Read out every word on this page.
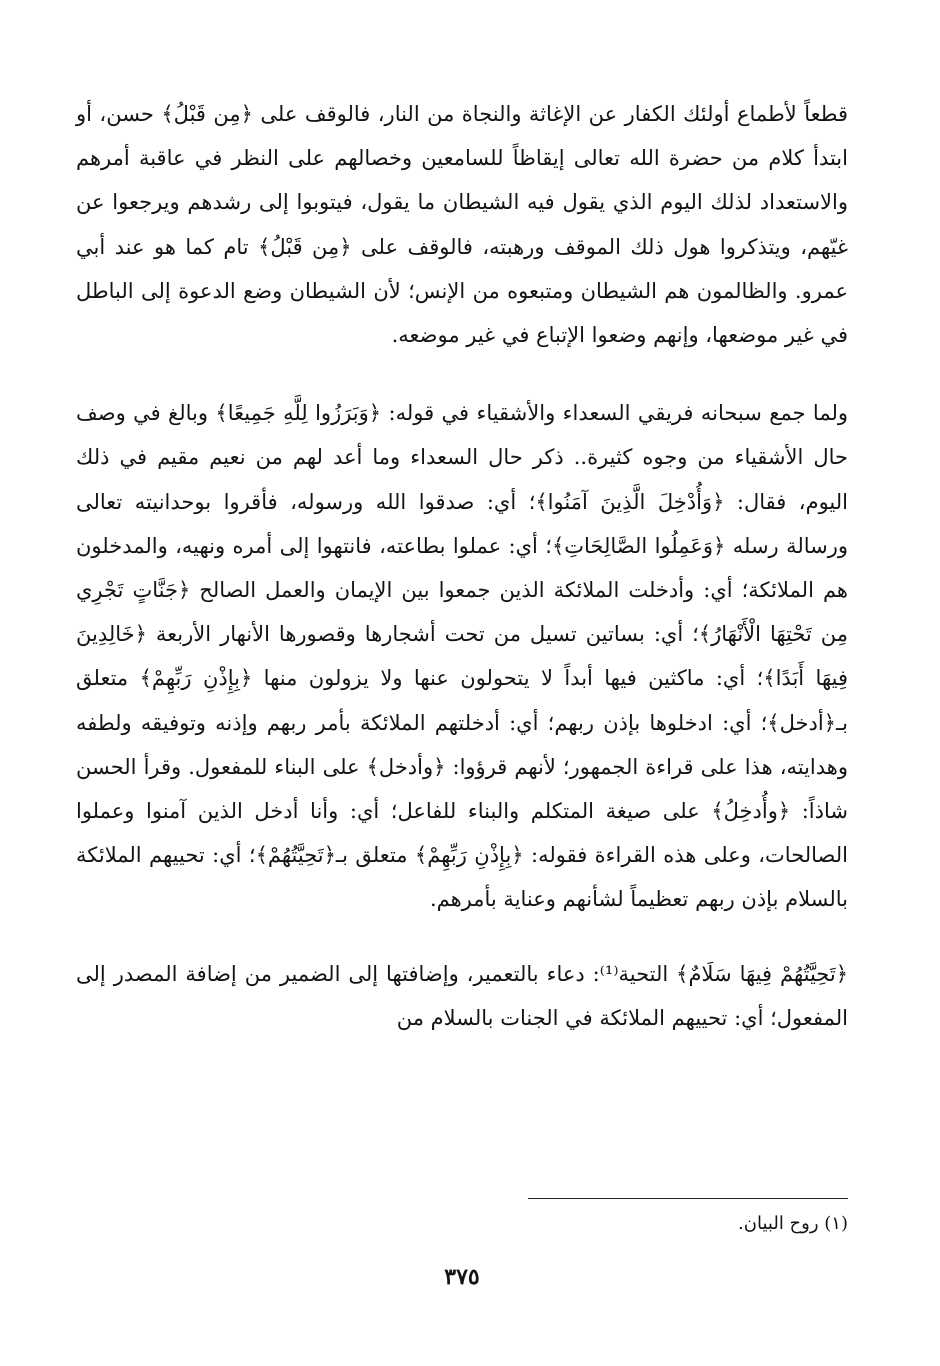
قطعاً لأطماع أولئك الكفار عن الإغاثة والنجاة من النار، فالوقف على ﴿مِن قَبْلُ﴾ حسن، أو ابتدأ كلام من حضرة الله تعالى إيقاظاً للسامعين وخصالهم على النظر في عاقبة أمرهم والاستعداد لذلك اليوم الذي يقول فيه الشيطان ما يقول، فيتوبوا إلى رشدهم ويرجعوا عن غيّهم، ويتذكروا هول ذلك الموقف ورهبته، فالوقف على ﴿مِن قَبْلُ﴾ تام كما هو عند أبي عمرو. والظالمون هم الشيطان ومتبعوه من الإنس؛ لأن الشيطان وضع الدعوة إلى الباطل في غير موضعها، وإنهم وضعوا الإتباع في غير موضعه.

ولما جمع سبحانه فريقي السعداء والأشقياء في قوله: ﴿وَبَرَزُوا لِلَّهِ جَمِيعًا﴾ وبالغ في وصف حال الأشقياء من وجوه كثيرة.. ذكر حال السعداء وما أعد لهم من نعيم مقيم في ذلك اليوم، فقال: ﴿وَأُدْخِلَ الَّذِينَ آمَنُوا﴾؛ أي: صدقوا الله ورسوله، فأقروا بوحدانيته تعالى ورسالة رسله ﴿وَعَمِلُوا الصَّالِحَاتِ﴾؛ أي: عملوا بطاعته، فانتهوا إلى أمره ونهيه، والمدخلون هم الملائكة؛ أي: وأدخلت الملائكة الذين جمعوا بين الإيمان والعمل الصالح ﴿جَنَّاتٍ تَجْرِي مِن تَحْتِهَا الْأَنْهَارُ﴾؛ أي: بساتين تسيل من تحت أشجارها وقصورها الأنهار الأربعة ﴿خَالِدِينَ فِيهَا أَبَدًا﴾؛ أي: ماكثين فيها أبداً لا يتحولون عنها ولا يزولون منها ﴿بِإِذْنِ رَبِّهِمْ﴾ متعلق بـ﴿أدخل﴾؛ أي: ادخلوها بإذن ربهم؛ أي: أدخلتهم الملائكة بأمر ربهم وإذنه وتوفيقه ولطفه وهدايته، هذا على قراءة الجمهور؛ لأنهم قرؤوا: ﴿وأدخل﴾ على البناء للمفعول. وقرأ الحسن شاذاً: ﴿وأُدخِلُ﴾ على صيغة المتكلم والبناء للفاعل؛ أي: وأنا أدخل الذين آمنوا وعملوا الصالحات، وعلى هذه القراءة فقوله: ﴿بِإِذْنِ رَبِّهِمْ﴾ متعلق بـ﴿تَحِيَّتُهُمْ﴾؛ أي: تحييهم الملائكة بالسلام بإذن ربهم تعظيماً لشأنهم وعناية بأمرهم.

﴿تَحِيَّتُهُمْ فِيهَا سَلَامٌ﴾ التحية⁽¹⁾: دعاء بالتعمير، وإضافتها إلى الضمير من إضافة المصدر إلى المفعول؛ أي: تحييهم الملائكة في الجنات بالسلام من

(١) روح البيان.

٣٧٥
